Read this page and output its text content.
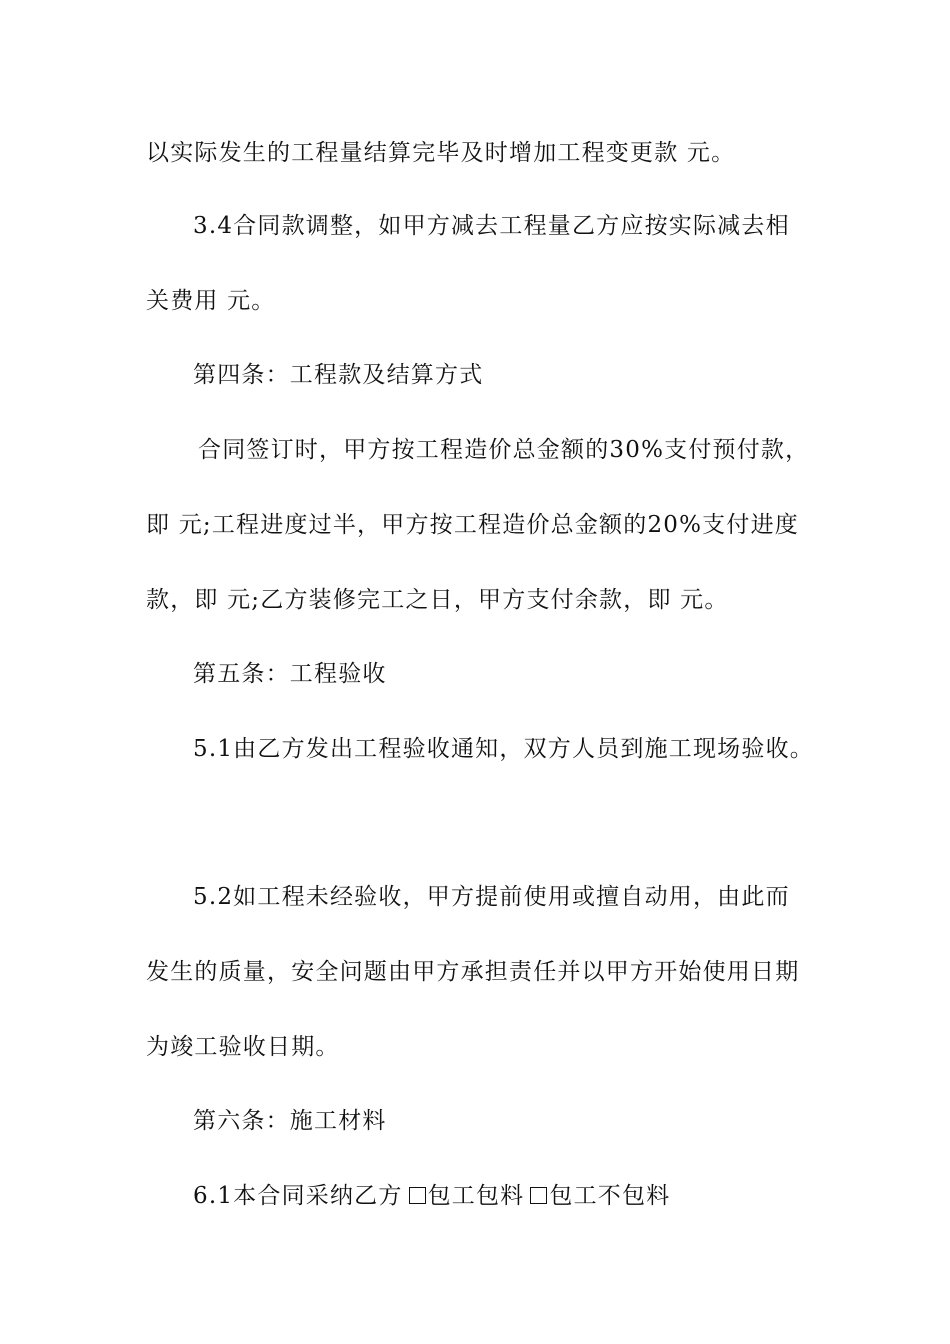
以实际发生的工程量结算完毕及时增加工程变更款 元。
3.4合同款调整，如甲方减去工程量乙方应按实际减去相
关费用 元。
第四条：工程款及结算方式
合同签订时，甲方按工程造价总金额的30%支付预付款，
即 元;工程进度过半，甲方按工程造价总金额的20%支付进度
款，即 元;乙方装修完工之日，甲方支付余款，即 元。
第五条：工程验收
5.1由乙方发出工程验收通知，双方人员到施工现场验收。
5.2如工程未经验收，甲方提前使用或擅自动用，由此而
发生的质量，安全问题由甲方承担责任并以甲方开始使用日期
为竣工验收日期。
第六条：施工材料
6.1本合同采纳乙方 包工包料 包工不包料
